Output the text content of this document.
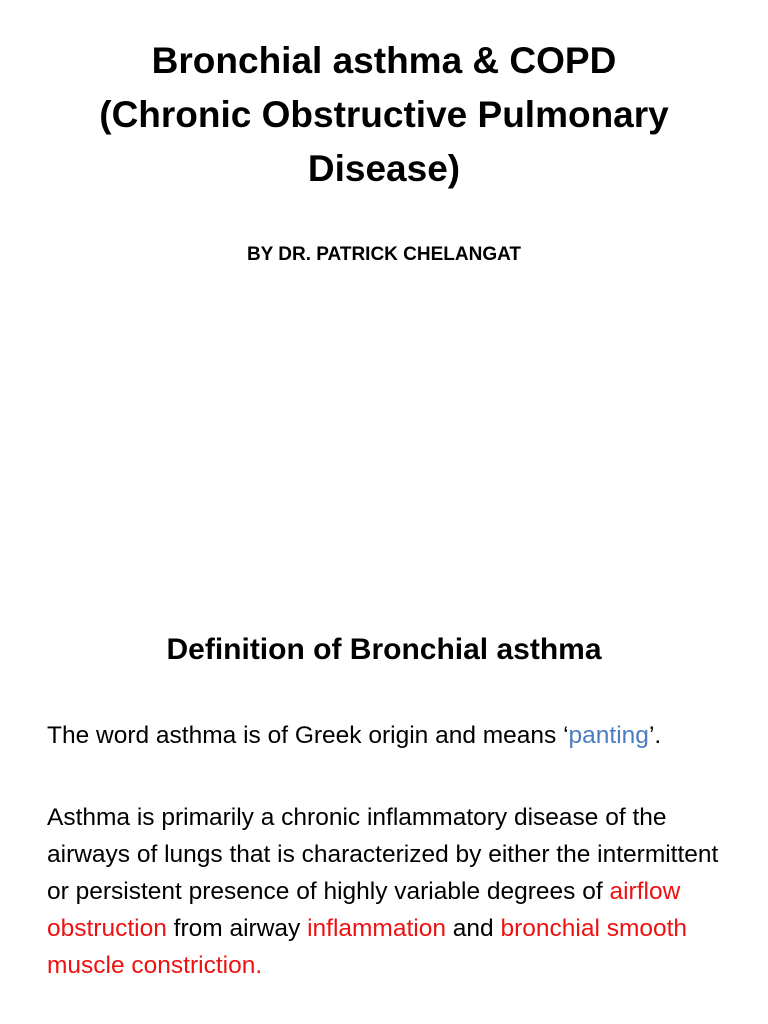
Bronchial asthma & COPD
(Chronic Obstructive Pulmonary
Disease)
BY DR. PATRICK CHELANGAT
Definition of Bronchial asthma

The word asthma is of Greek origin and means ‘panting’.

Asthma is primarily a chronic inflammatory disease of the airways of lungs that is characterized by either the intermittent or persistent presence of highly variable degrees of airflow obstruction from airway inflammation and bronchial smooth muscle constriction.
